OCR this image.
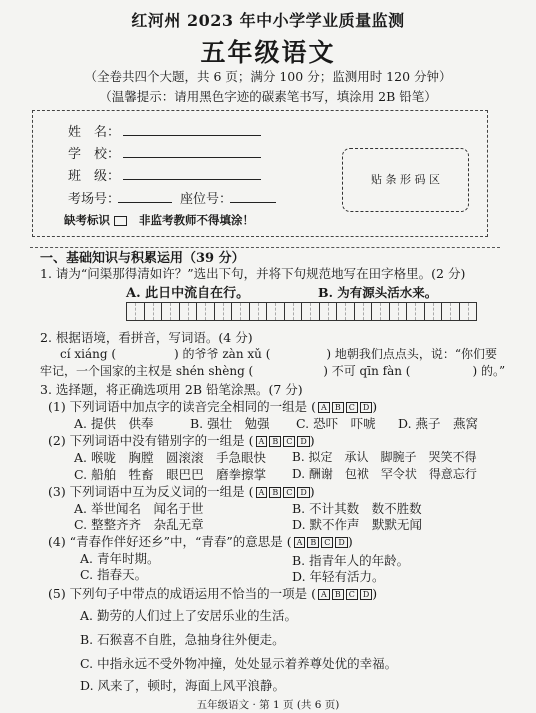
红河州 2023 年中小学学业质量监测
五年级语文
（全卷共四个大题，共 6 页；满分 100 分；监测用时 120 分钟）
（温馨提示：请用黑色字迹的碳素笔书写，填涂用 2B 铅笔）
姓　名：
学　校：
班　级：
考场号：	座位号：
缺考标识	非监考教师不得填涂！
贴 条 形 码 区
一、基础知识与积累运用（39 分）
1. 请为“问渠那得清如许？”选出下句，并将下句规范地写在田字格里。(2 分)
A. 此日中流自在行。	B. 为有源头活水来。
2. 根据语境，看拼音，写词语。(4 分)
cí xiáng (	) 的爷爷 zàn xǔ (	) 地朝我们点点头，说：“你们要
牢记，一个国家的主权是 shén shèng (	) 不可 qīn fàn (	) 的。”
3. 选择题，将正确选项用 2B 铅笔涂黑。(7 分)
(1) 下列词语中加点字的读音完全相同的一组是 ( A B C D )
A. 提供　供奉	B. 强壮　勉强 C. 恐吓　吓唬 D. 燕子　燕窝
(2) 下列词语中没有错别字的一组是 ( A B C D )
A. 喉咙　胸膛　圆滚滚　手急眼快 B. 拟定　承认　脚腕子　哭笑不得
C. 船舶　牲畜　眼巴巴　磨拳擦掌 D. 酬谢　包袱　罕令状　得意忘行
(3) 下列词语中互为反义词的一组是 ( A B C D )
A. 举世闻名　闻名于世	B. 不计其数　数不胜数
C. 整整齐齐　杂乱无章	D. 默不作声　默默无闻
(4) “青春作伴好还乡”中，“青春”的意思是 ( A B C D )
A. 青年时期。	B. 指青年人的年龄。
C. 指春天。	D. 年轻有活力。
(5) 下列句子中带点的成语运用不恰当的一项是 ( A B C D )
A. 勤劳的人们过上了安居乐业的生活。
B. 石猴喜不自胜，急抽身往外便走。
C. 中指永远不受外物冲撞，处处显示着养尊处优的幸福。
D. 风来了，顿时，海面上风平浪静。
五年级语文 · 第 1 页 (共 6 页)
